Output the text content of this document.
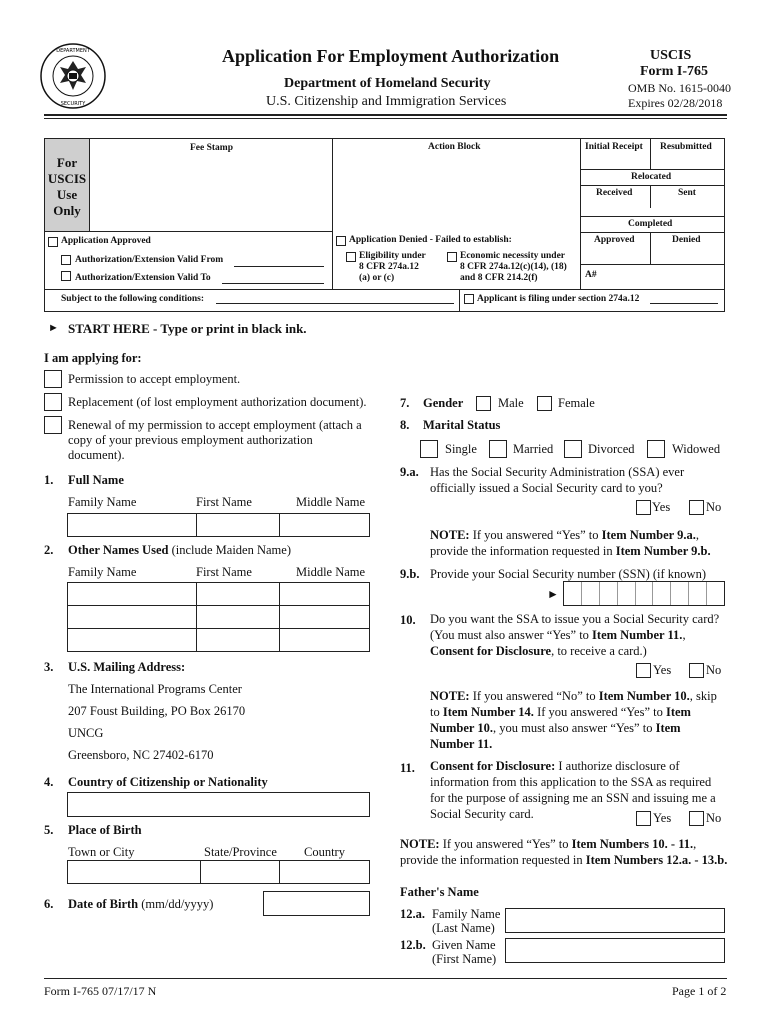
DEPARTMENT
SECURITY
Application For Employment Authorization
Department of Homeland Security
U.S. Citizenship and Immigration Services
USCIS
Form I-765
OMB No. 1615-0040
Expires 02/28/2018
For
USCIS
Use
Only
Fee Stamp	Action Block	Initial Receipt Resubmitted
Relocated
Received	Sent
Completed
Approved	Denied
A#
Application Approved
Authorization/Extension Valid From
Authorization/Extension Valid To
Application Denied - Failed to establish:
Eligibility under
8 CFR 274a.12
(a) or (c)
Economic necessity under
8 CFR 274a.12(c)(14), (18)
and 8 CFR 214.2(f)
Subject to the following conditions:	Applicant is filing under section 274a.12
► START HERE - Type or print in black ink.
I am applying for:
Permission to accept employment.
Replacement (of lost employment authorization document).
Renewal of my permission to accept employment (attach a
copy of your previous employment authorization
document).
1. Full Name
Family Name	First Name	Middle Name
2. Other Names Used (include Maiden Name)
Family Name	First Name	Middle Name
3. U.S. Mailing Address:
The International Programs Center
207 Foust Building, PO Box 26170
UNCG
Greensboro, NC 27402-6170
4. Country of Citizenship or Nationality
5. Place of Birth
Town or City	State/Province Country
6. Date of Birth (mm/dd/yyyy)
7. Gender	Male	Female
8. Marital Status
Single	Married	Divorced	Widowed
9.a. Has the Social Security Administration (SSA) ever
officially issued a Social Security card to you?
Yes	No
NOTE: If you answered “Yes” to Item Number 9.a.,
provide the information requested in Item Number 9.b.
9.b. Provide your Social Security number (SSN) (if known)
►
10. Do you want the SSA to issue you a Social Security card?
(You must also answer “Yes” to Item Number 11.,
Consent for Disclosure, to receive a card.)
Yes	No
NOTE: If you answered “No” to Item Number 10., skip
to Item Number 14. If you answered “Yes” to Item
Number 10., you must also answer “Yes” to Item
Number 11.
11. Consent for Disclosure: I authorize disclosure of
information from this application to the SSA as required
for the purpose of assigning me an SSN and issuing me a
Social Security card.	Yes	No
NOTE: If you answered “Yes” to Item Numbers 10. - 11.,
provide the information requested in Item Numbers 12.a. - 13.b.
Father's Name
12.a. Family Name
(Last Name)
12.b. Given Name
(First Name)
Form I-765 07/17/17 N	Page 1 of 2
